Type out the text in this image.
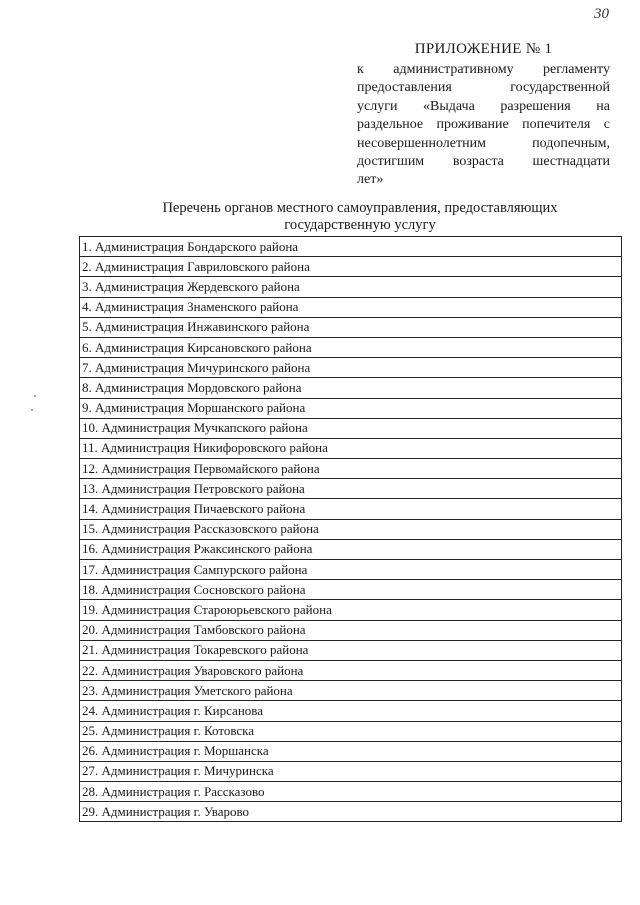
30
ПРИЛОЖЕНИЕ № 1
к административному регламенту
предоставления государственной
услуги «Выдача разрешения на
раздельное проживание попечителя с
несовершеннолетним подопечным,
достигшим возраста шестнадцати
лет»
Перечень органов местного самоуправления, предоставляющих
государственную услугу
1. Администрация Бондарского района
2. Администрация Гавриловского района
3. Администрация Жердевского района
4. Администрация Знаменского района
5. Администрация Инжавинского района
6. Администрация Кирсановского района
7. Администрация Мичуринского района
8. Администрация Мордовского района
9. Администрация Моршанского района
10. Администрация Мучкапского района
11. Администрация Никифоровского района
12. Администрация Первомайского района
13. Администрация Петровского района
14. Администрация Пичаевского района
15. Администрация Рассказовского района
16. Администрация Ржаксинского района
17. Администрация Сампурского района
18. Администрация Сосновского района
19. Администрация Староюрьевского района
20. Администрация Тамбовского района
21. Администрация Токаревского района
22. Администрация Уваровского района
23. Администрация Уметского района
24. Администрация г. Кирсанова
25. Администрация г. Котовска
26. Администрация г. Моршанска
27. Администрация г. Мичуринска
28. Администрация г. Рассказово
29. Администрация г. Уварово
